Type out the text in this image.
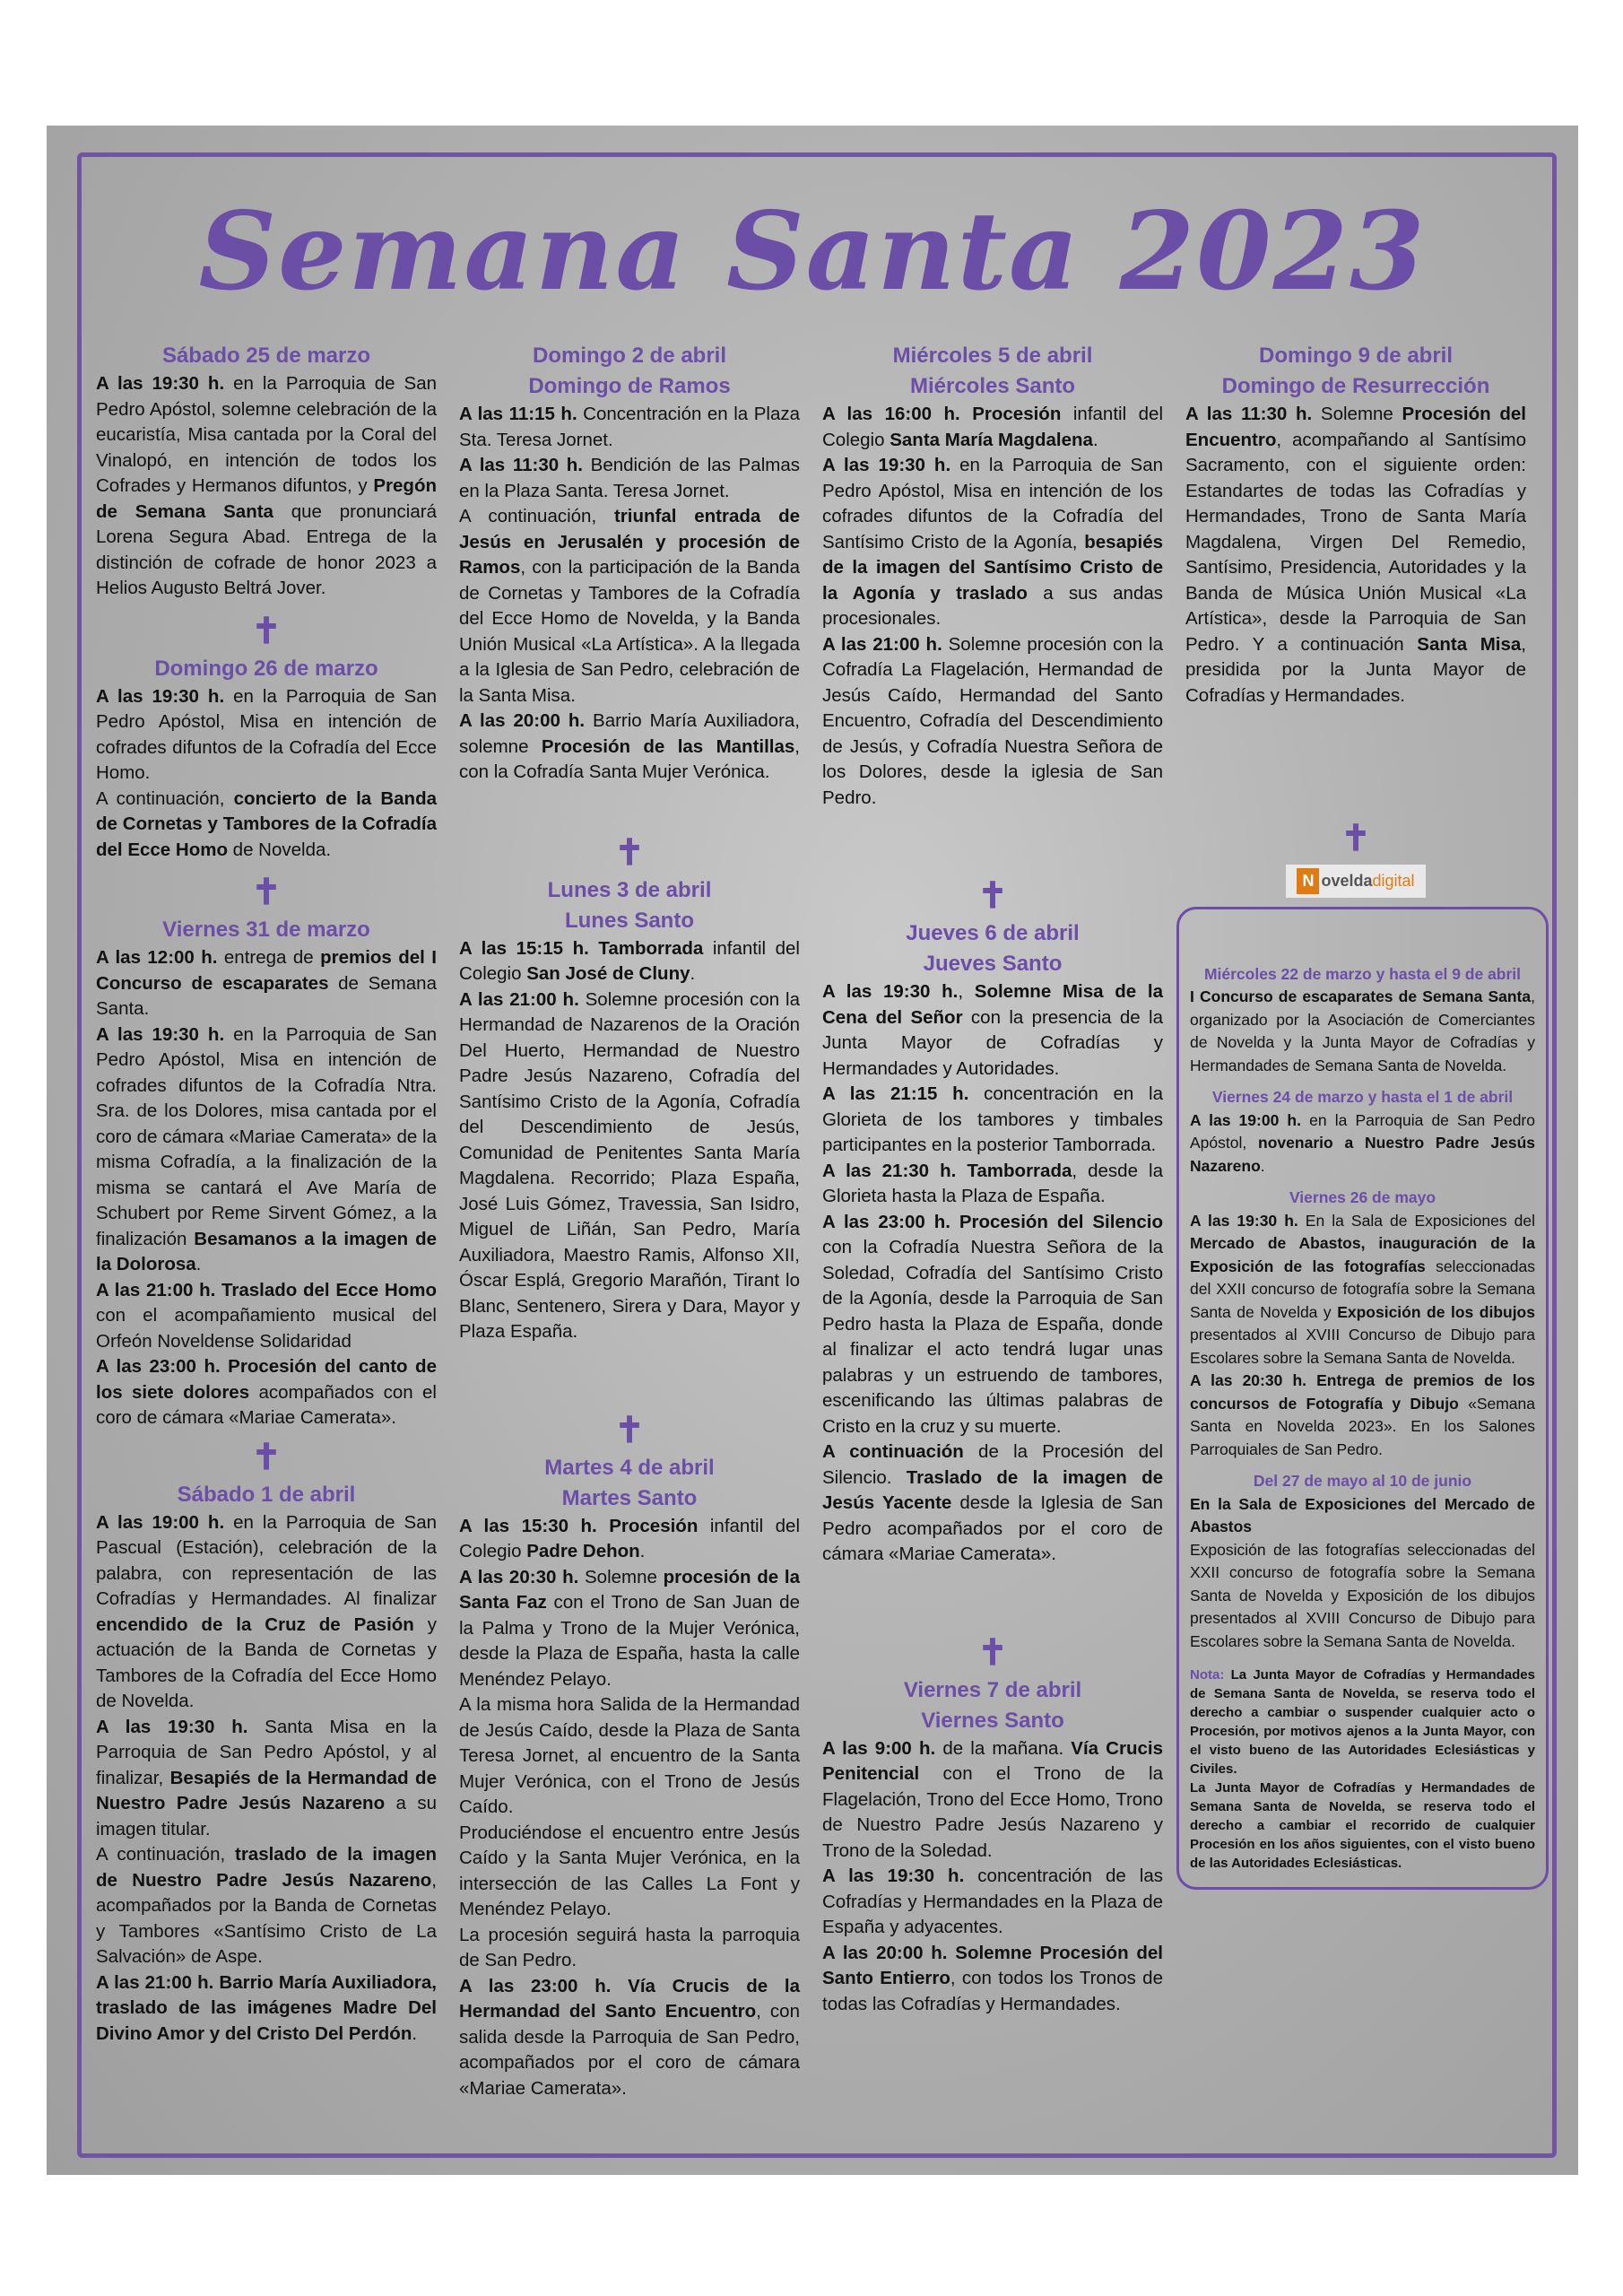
Semana Santa 2023
Sábado 25 de marzo

A las 19:30 h. en la Parroquia de San Pedro Apóstol, solemne celebración de la eucaristía, Misa cantada por la Coral del Vinalopó, en intención de todos los Cofrades y Hermanos difuntos, y Pregón de Semana Santa que pronunciará Lorena Segura Abad. Entrega de la distinción de cofrade de honor 2023 a Helios Augusto Beltrá Jover.

✝
Domingo 26 de marzo

A las 19:30 h. en la Parroquia de San Pedro Apóstol, Misa en intención de cofrades difuntos de la Cofradía del Ecce Homo.
A continuación, concierto de la Banda de Cornetas y Tambores de la Cofradía del Ecce Homo de Novelda.

✝
Viernes 31 de marzo

A las 12:00 h. entrega de premios del I Concurso de escaparates de Semana Santa.
A las 19:30 h. en la Parroquia de San Pedro Apóstol, Misa en intención de cofrades difuntos de la Cofradía Ntra. Sra. de los Dolores, misa cantada por el coro de cámara «Mariae Camerata» de la misma Cofradía, a la finalización de la misma se cantará el Ave María de Schubert por Reme Sirvent Gómez, a la finalización Besamanos a la imagen de la Dolorosa.
A las 21:00 h. Traslado del Ecce Homo con el acompañamiento musical del Orfeón Noveldense Solidaridad
A las 23:00 h. Procesión del canto de los siete dolores acompañados con el coro de cámara «Mariae Camerata».

✝
Sábado 1 de abril

A las 19:00 h. en la Parroquia de San Pascual (Estación), celebración de la palabra, con representación de las Cofradías y Hermandades. Al finalizar encendido de la Cruz de Pasión y actuación de la Banda de Cornetas y Tambores de la Cofradía del Ecce Homo de Novelda.
A las 19:30 h. Santa Misa en la Parroquia de San Pedro Apóstol, y al finalizar, Besapiés de la Hermandad de Nuestro Padre Jesús Nazareno a su imagen titular.
A continuación, traslado de la imagen de Nuestro Padre Jesús Nazareno, acompañados por la Banda de Cornetas y Tambores «Santísimo Cristo de La Salvación» de Aspe.
A las 21:00 h. Barrio María Auxiliadora, traslado de las imágenes Madre Del Divino Amor y del Cristo Del Perdón.

Domingo 2 de abril
Domingo de Ramos

A las 11:15 h. Concentración en la Plaza Sta. Teresa Jornet.
A las 11:30 h. Bendición de las Palmas en la Plaza Santa. Teresa Jornet.
A continuación, triunfal entrada de Jesús en Jerusalén y procesión de Ramos, con la participación de la Banda de Cornetas y Tambores de la Cofradía del Ecce Homo de Novelda, y la Banda Unión Musical «La Artística». A la llegada a la Iglesia de San Pedro, celebración de la Santa Misa.
A las 20:00 h. Barrio María Auxiliadora, solemne Procesión de las Mantillas, con la Cofradía Santa Mujer Verónica.

✝
Lunes 3 de abril
Lunes Santo

A las 15:15 h. Tamborrada infantil del Colegio San José de Cluny.
A las 21:00 h. Solemne procesión con la Hermandad de Nazarenos de la Oración Del Huerto, Hermandad de Nuestro Padre Jesús Nazareno, Cofradía del Santísimo Cristo de la Agonía, Cofradía del Descendimiento de Jesús, Comunidad de Penitentes Santa María Magdalena. Recorrido; Plaza España, José Luis Gómez, Travessia, San Isidro, Miguel de Liñán, San Pedro, María Auxiliadora, Maestro Ramis, Alfonso XII, Óscar Esplá, Gregorio Marañón, Tirant lo Blanc, Sentenero, Sirera y Dara, Mayor y Plaza España.

✝
Martes 4 de abril
Martes Santo

A las 15:30 h. Procesión infantil del Colegio Padre Dehon.
A las 20:30 h. Solemne procesión de la Santa Faz con el Trono de San Juan de la Palma y Trono de la Mujer Verónica, desde la Plaza de España, hasta la calle Menéndez Pelayo.
A la misma hora Salida de la Hermandad de Jesús Caído, desde la Plaza de Santa Teresa Jornet, al encuentro de la Santa Mujer Verónica, con el Trono de Jesús Caído.
Produciéndose el encuentro entre Jesús Caído y la Santa Mujer Verónica, en la intersección de las Calles La Font y Menéndez Pelayo.
La procesión seguirá hasta la parroquia de San Pedro.
A las 23:00 h. Vía Crucis de la Hermandad del Santo Encuentro, con salida desde la Parroquia de San Pedro, acompañados por el coro de cámara «Mariae Camerata».

Miércoles 5 de abril
Miércoles Santo

A las 16:00 h. Procesión infantil del Colegio Santa María Magdalena.
A las 19:30 h. en la Parroquia de San Pedro Apóstol, Misa en intención de los cofrades difuntos de la Cofradía del Santísimo Cristo de la Agonía, besapiés de la imagen del Santísimo Cristo de la Agonía y traslado a sus andas procesionales.
A las 21:00 h. Solemne procesión con la Cofradía La Flagelación, Hermandad de Jesús Caído, Hermandad del Santo Encuentro, Cofradía del Descendimiento de Jesús, y Cofradía Nuestra Señora de los Dolores, desde la iglesia de San Pedro.

✝
Jueves 6 de abril
Jueves Santo

A las 19:30 h., Solemne Misa de la Cena del Señor con la presencia de la Junta Mayor de Cofradías y Hermandades y Autoridades.
A las 21:15 h. concentración en la Glorieta de los tambores y timbales participantes en la posterior Tamborrada.
A las 21:30 h. Tamborrada, desde la Glorieta hasta la Plaza de España.
A las 23:00 h. Procesión del Silencio con la Cofradía Nuestra Señora de la Soledad, Cofradía del Santísimo Cristo de la Agonía, desde la Parroquia de San Pedro hasta la Plaza de España, donde al finalizar el acto tendrá lugar unas palabras y un estruendo de tambores, escenificando las últimas palabras de Cristo en la cruz y su muerte.
A continuación de la Procesión del Silencio. Traslado de la imagen de Jesús Yacente desde la Iglesia de San Pedro acompañados por el coro de cámara «Mariae Camerata».

✝
Viernes 7 de abril
Viernes Santo

A las 9:00 h. de la mañana. Vía Crucis Penitencial con el Trono de la Flagelación, Trono del Ecce Homo, Trono de Nuestro Padre Jesús Nazareno y Trono de la Soledad.
A las 19:30 h. concentración de las Cofradías y Hermandades en la Plaza de España y adyacentes.
A las 20:00 h. Solemne Procesión del Santo Entierro, con todos los Tronos de todas las Cofradías y Hermandades.

Domingo 9 de abril
Domingo de Resurrección

A las 11:30 h. Solemne Procesión del Encuentro, acompañando al Santísimo Sacramento, con el siguiente orden: Estandartes de todas las Cofradías y Hermandades, Trono de Santa María Magdalena, Virgen Del Remedio, Santísimo, Presidencia, Autoridades y la Banda de Música Unión Musical «La Artística», desde la Parroquia de San Pedro. Y a continuación Santa Misa, presidida por la Junta Mayor de Cofradías y Hermandades.

✝
N oveldadigital
Miércoles 22 de marzo y hasta el 9 de abril

I Concurso de escaparates de Semana Santa, organizado por la Asociación de Comerciantes de Novelda y la Junta Mayor de Cofradías y Hermandades de Semana Santa de Novelda.

Viernes 24 de marzo y hasta el 1 de abril

A las 19:00 h. en la Parroquia de San Pedro Apóstol, novenario a Nuestro Padre Jesús Nazareno.

Viernes 26 de mayo

A las 19:30 h. En la Sala de Exposiciones del Mercado de Abastos, inauguración de la Exposición de las fotografías seleccionadas del XXII concurso de fotografía sobre la Semana Santa de Novelda y Exposición de los dibujos presentados al XVIII Concurso de Dibujo para Escolares sobre la Semana Santa de Novelda.
A las 20:30 h. Entrega de premios de los concursos de Fotografía y Dibujo «Semana Santa en Novelda 2023». En los Salones Parroquiales de San Pedro.

Del 27 de mayo al 10 de junio

En la Sala de Exposiciones del Mercado de Abastos
Exposición de las fotografías seleccionadas del XXII concurso de fotografía sobre la Semana Santa de Novelda y Exposición de los dibujos presentados al XVIII Concurso de Dibujo para Escolares sobre la Semana Santa de Novelda.

Nota: La Junta Mayor de Cofradías y Hermandades de Semana Santa de Novelda, se reserva todo el derecho a cambiar o suspender cualquier acto o Procesión, por motivos ajenos a la Junta Mayor, con el visto bueno de las Autoridades Eclesiásticas y Civiles.
La Junta Mayor de Cofradías y Hermandades de Semana Santa de Novelda, se reserva todo el derecho a cambiar el recorrido de cualquier Procesión en los años siguientes, con el visto bueno de las Autoridades Eclesiásticas.
